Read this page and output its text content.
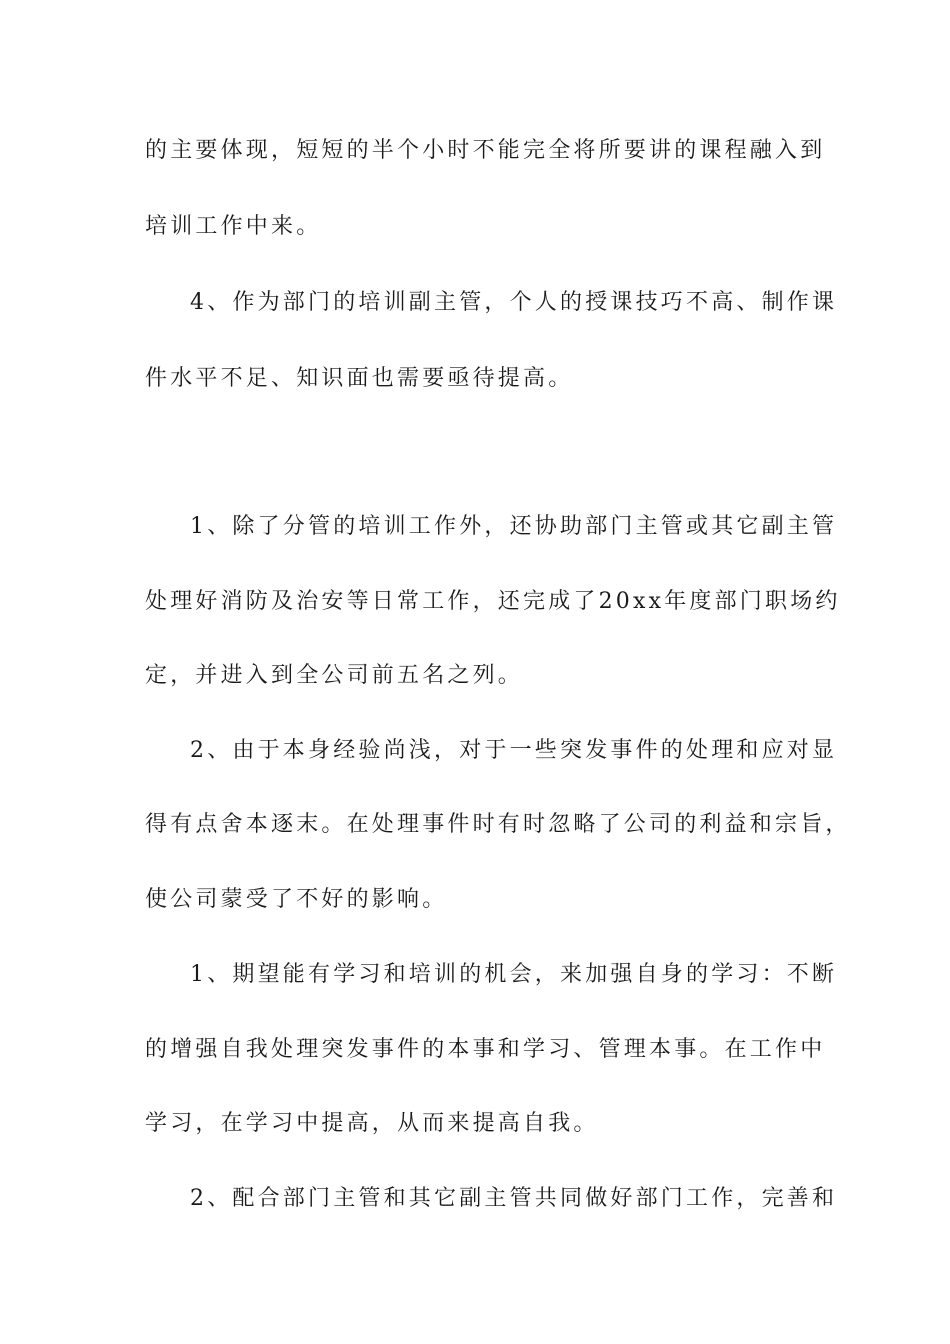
的主要体现，短短的半个小时不能完全将所要讲的课程融入到
培训工作中来。
4、作为部门的培训副主管，个人的授课技巧不高、制作课
件水平不足、知识面也需要亟待提高。
1、除了分管的培训工作外，还协助部门主管或其它副主管
处理好消防及治安等日常工作，还完成了20xx年度部门职场约
定，并进入到全公司前五名之列。
2、由于本身经验尚浅，对于一些突发事件的处理和应对显
得有点舍本逐末。在处理事件时有时忽略了公司的利益和宗旨，
使公司蒙受了不好的影响。
1、期望能有学习和培训的机会，来加强自身的学习：不断
的增强自我处理突发事件的本事和学习、管理本事。在工作中
学习，在学习中提高，从而来提高自我。
2、配合部门主管和其它副主管共同做好部门工作，完善和
